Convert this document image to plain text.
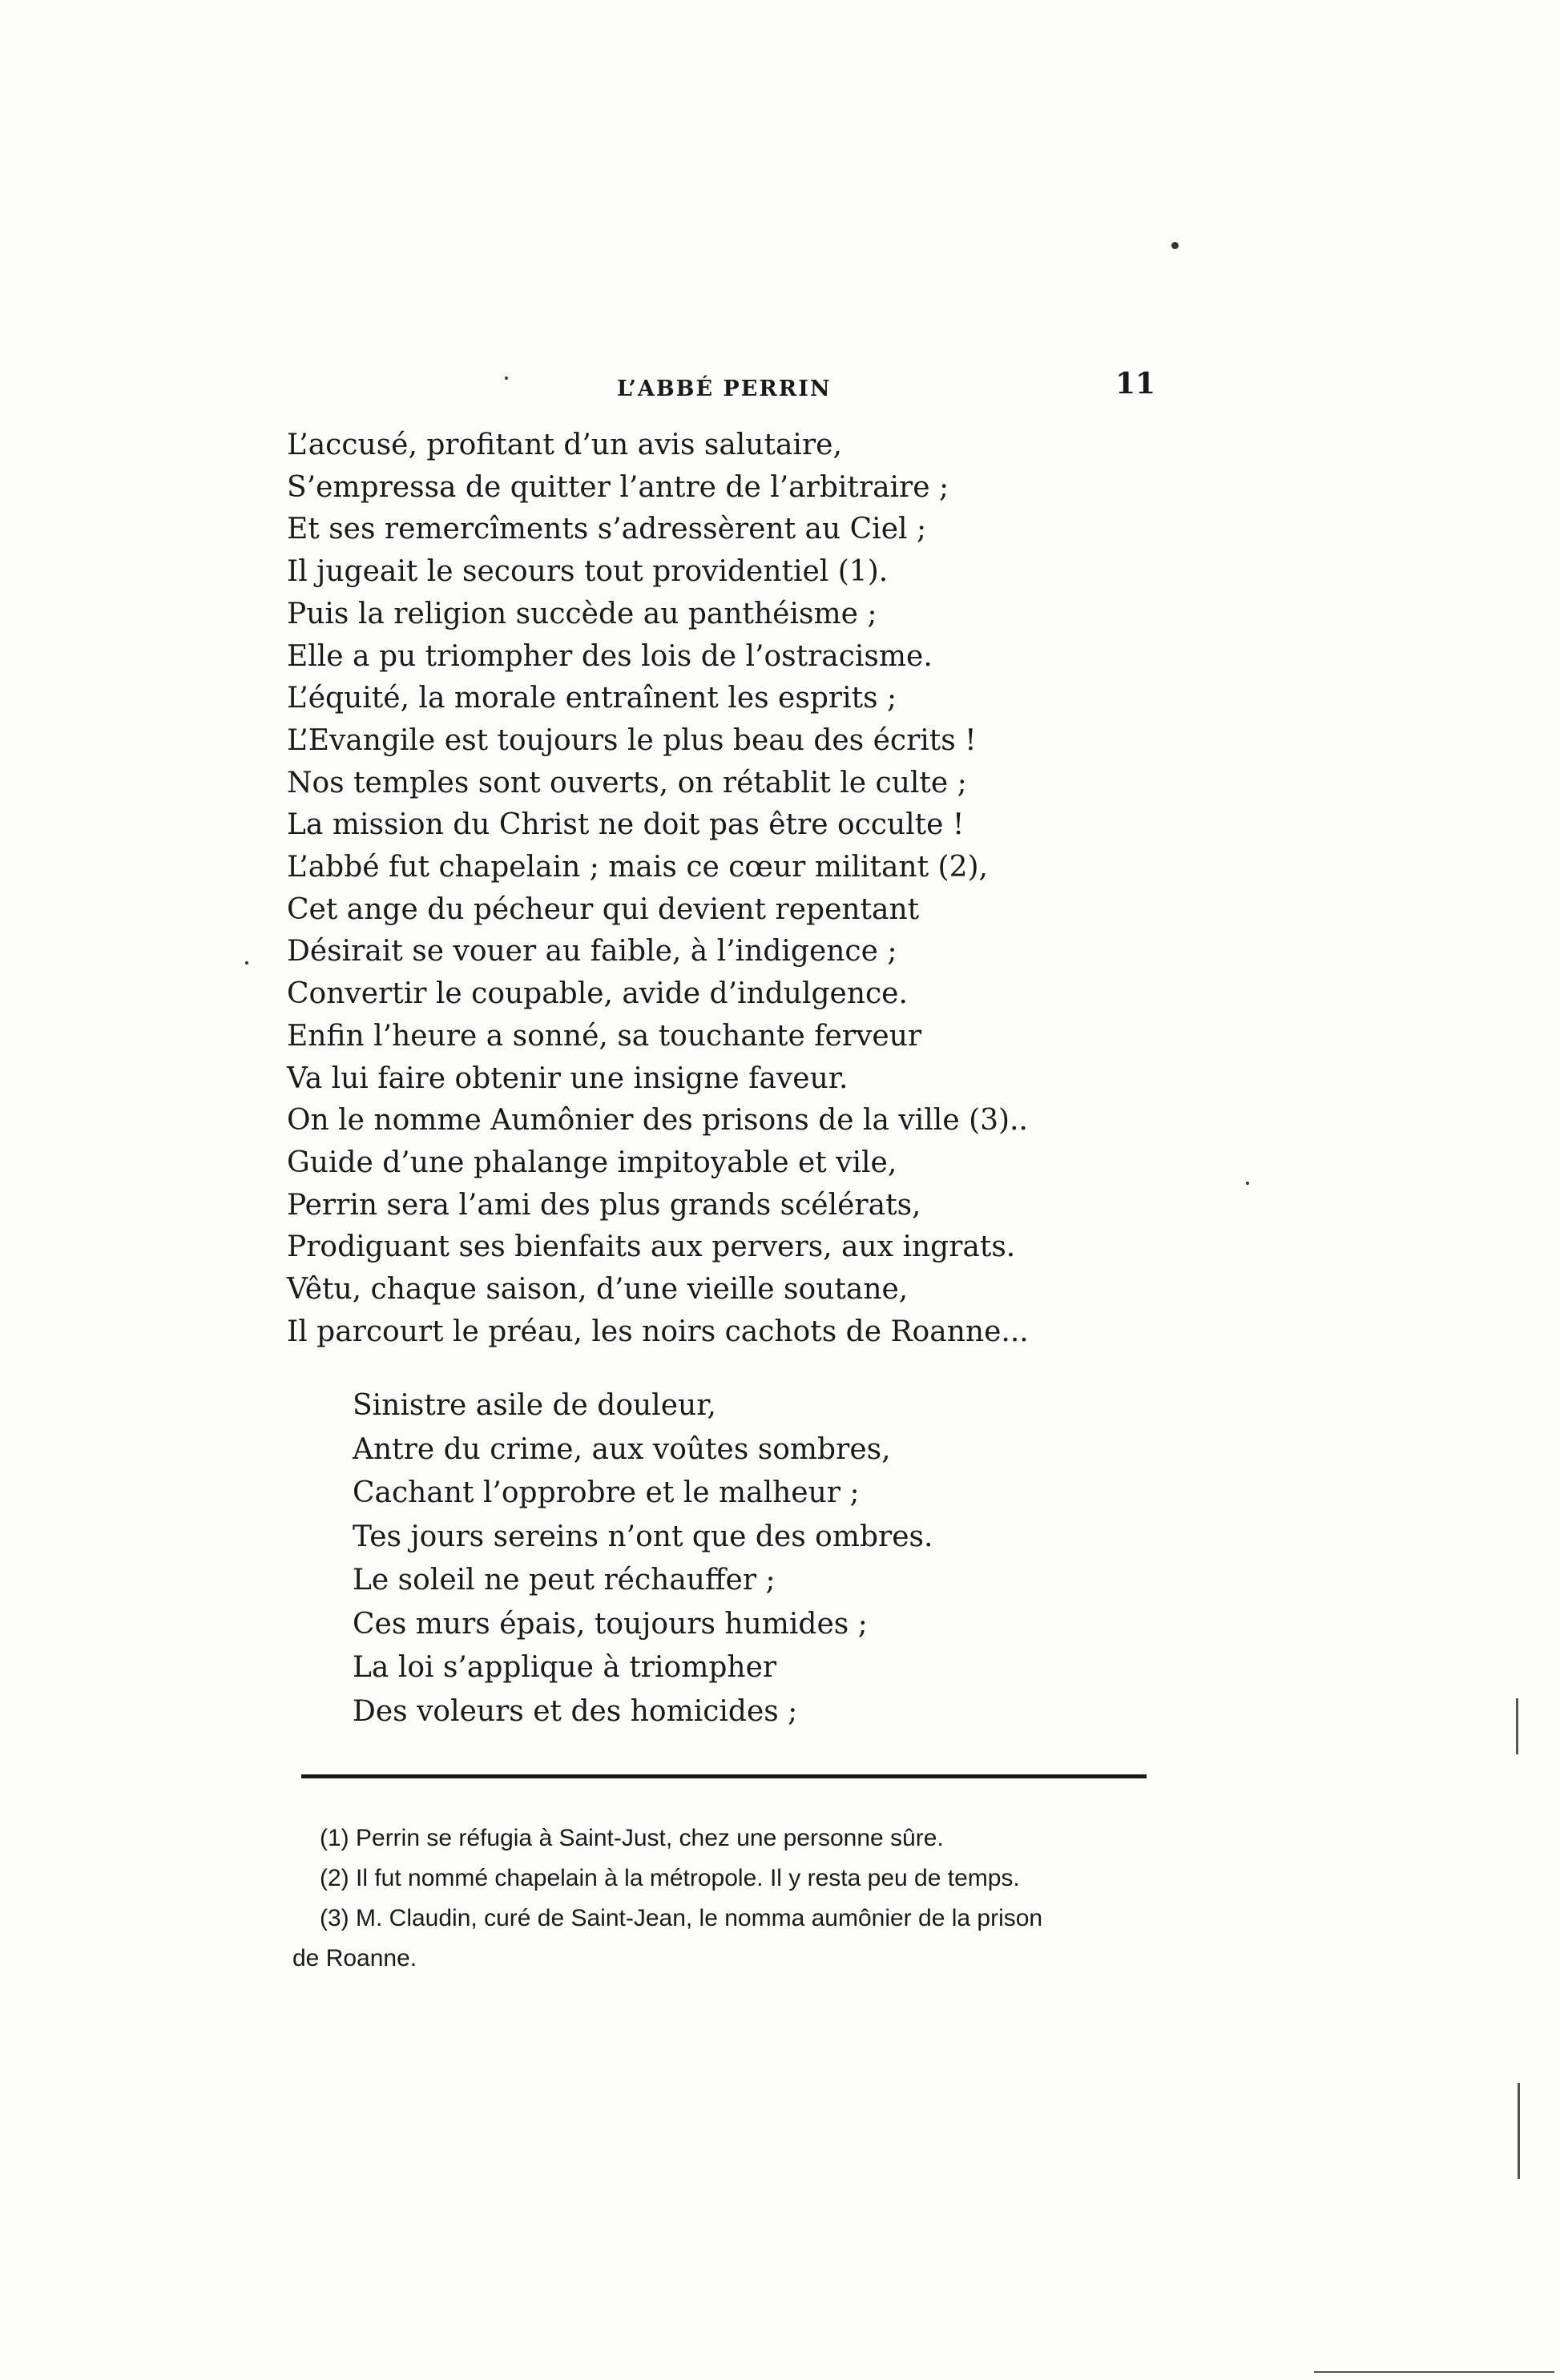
L’ABBÉ PERRIN	11
L’accusé, profitant d’un avis salutaire,
S’empressa de quitter l’antre de l’arbitraire ;
Et ses remercîments s’adressèrent au Ciel ;
Il jugeait le secours tout providentiel (1).
Puis la religion succède au panthéisme ;
Elle a pu triompher des lois de l’ostracisme.
L’équité, la morale entraînent les esprits ;
L’Evangile est toujours le plus beau des écrits !
Nos temples sont ouverts, on rétablit le culte ;
La mission du Christ ne doit pas être occulte !
L’abbé fut chapelain ; mais ce cœur militant (2),
Cet ange du pécheur qui devient repentant
Désirait se vouer au faible, à l’indigence ;
Convertir le coupable, avide d’indulgence.
Enfin l’heure a sonné, sa touchante ferveur
Va lui faire obtenir une insigne faveur.
On le nomme Aumônier des prisons de la ville (3)..
Guide d’une phalange impitoyable et vile,
Perrin sera l’ami des plus grands scélérats,
Prodiguant ses bienfaits aux pervers, aux ingrats.
Vêtu, chaque saison, d’une vieille soutane,
Il parcourt le préau, les noirs cachots de Roanne...
Sinistre asile de douleur,
Antre du crime, aux voûtes sombres,
Cachant l’opprobre et le malheur ;
Tes jours sereins n’ont que des ombres.
Le soleil ne peut réchauffer ;
Ces murs épais, toujours humides ;
La loi s’applique à triompher
Des voleurs et des homicides ;
(1) Perrin se réfugia à Saint-Just, chez une personne sûre.
(2) Il fut nommé chapelain à la métropole. Il y resta peu de temps.
(3) M. Claudin, curé de Saint-Jean, le nomma aumônier de la prison
de Roanne.
